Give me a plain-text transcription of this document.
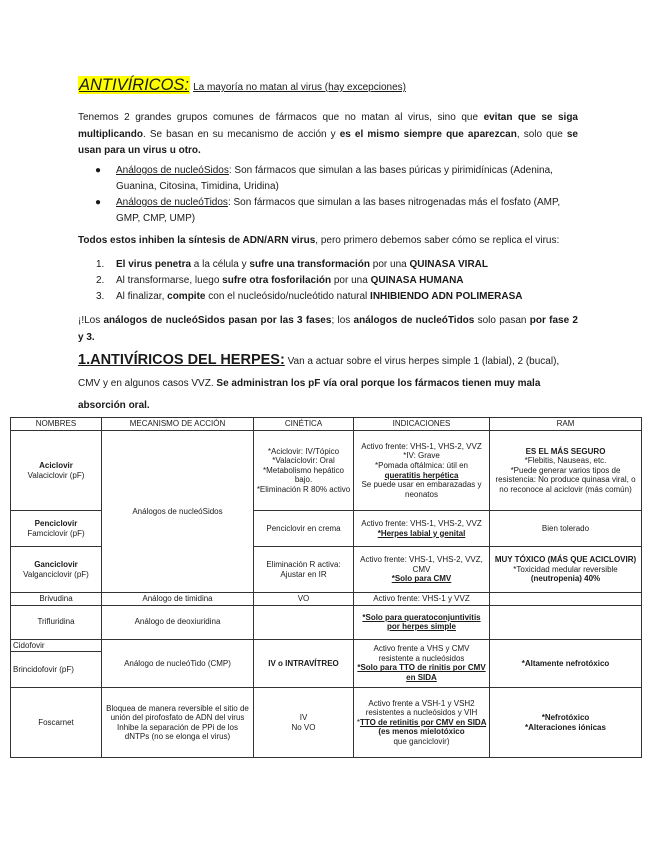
ANTIVÍRICOS: La mayoría no matan al virus (hay excepciones)

Tenemos 2 grandes grupos comunes de fármacos que no matan al virus, sino que evitan que se siga multiplicando. Se basan en su mecanismo de acción y es el mismo siempre que aparezcan, solo que se usan para un virus u otro.

● Análogos de nucleóSidos: Son fármacos que simulan a las bases púricas y pirimidínicas (Adenina, Guanina, Citosina, Timidina, Uridina)
● Análogos de nucleóTidos: Son fármacos que simulan a las bases nitrogenadas más el fosfato (AMP, GMP, CMP, UMP)

Todos estos inhiben la síntesis de ADN/ARN virus, pero primero debemos saber cómo se replica el virus:

1. El virus penetra a la célula y sufre una transformación por una QUINASA VIRAL
2. Al transformarse, luego sufre otra fosforilación por una QUINASA HUMANA
3. Al finalizar, compite con el nucleósido/nucleótido natural INHIBIENDO ADN POLIMERASA

¡!Los análogos de nucleóSidos pasan por las 3 fases; los análogos de nucleóTidos solo pasan por fase 2 y 3.

1.ANTIVÍRICOS DEL HERPES: Van a actuar sobre el virus herpes simple 1 (labial), 2 (bucal), CMV y en algunos casos VVZ. Se administran los pF vía oral porque los fármacos tienen muy mala absorción oral.
NOMBRES	MECANISMO DE ACCIÓN	CINÉTICA	INDICACIONES	RAM

Aciclovir
Valaciclovir (pF)	Análogos de nucleóSidos	*Aciclovir: IV/Tópico
*Valaciclovir: Oral
*Metabolismo hepático bajo.
*Eliminación R 80% activo	Activo frente: VHS-1, VHS-2, VVZ
*IV: Grave
*Pomada oftálmica: útil en
queratitis herpética
Se puede usar en embarazadas y neonatos	ES EL MÁS SEGURO
*Flebitis, Nauseas, etc.
*Puede generar varios tipos de resistencia: No produce quinasa viral, o no reconoce al aciclovir (más común)

Penciclovir
Famciclovir (pF)		Penciclovir en crema	Activo frente: VHS-1, VHS-2, VVZ
*Herpes labial y genital	Bien tolerado

Ganciclovir
Valganciclovir (pF)		Eliminación R activa: Ajustar en IR	Activo frente: VHS-1, VHS-2, VVZ, CMV
*Solo para CMV	MUY TÓXICO (MÁS QUE ACICLOVIR)
*Toxicidad medular reversible
(neutropenia) 40%

Brivudina	Análogo de timidina	VO	Activo frente: VHS-1 y VVZ	
Trifluridina	Análogo de deoxiuridina		*Solo para queratoconjuntivitis por herpes simple	
Cidofovir	Análogo de nucleóTido (CMP)	IV o INTRAVÍTREO	Activo frente a VHS y CMV resistente a nucleósidos
*Solo para TTO de rinitis por CMV en SIDA	*Altamente nefrotóxico
Brincidofovir (pF)				
Foscarnet	Bloquea de manera reversible el sitio de unión del pirofosfato de ADN del virus
Inhibe la separación de PPi de los dNTPs (no se elonga el virus)	IV
No VO	Activo frente a VSH-1 y VSH2 resistentes a nucleósidos y VIH
*TTO de retinitis por CMV en SIDA (es menos mielotóxico
que ganciclovir)	*Nefrotóxico
*Alteraciones iónicas
